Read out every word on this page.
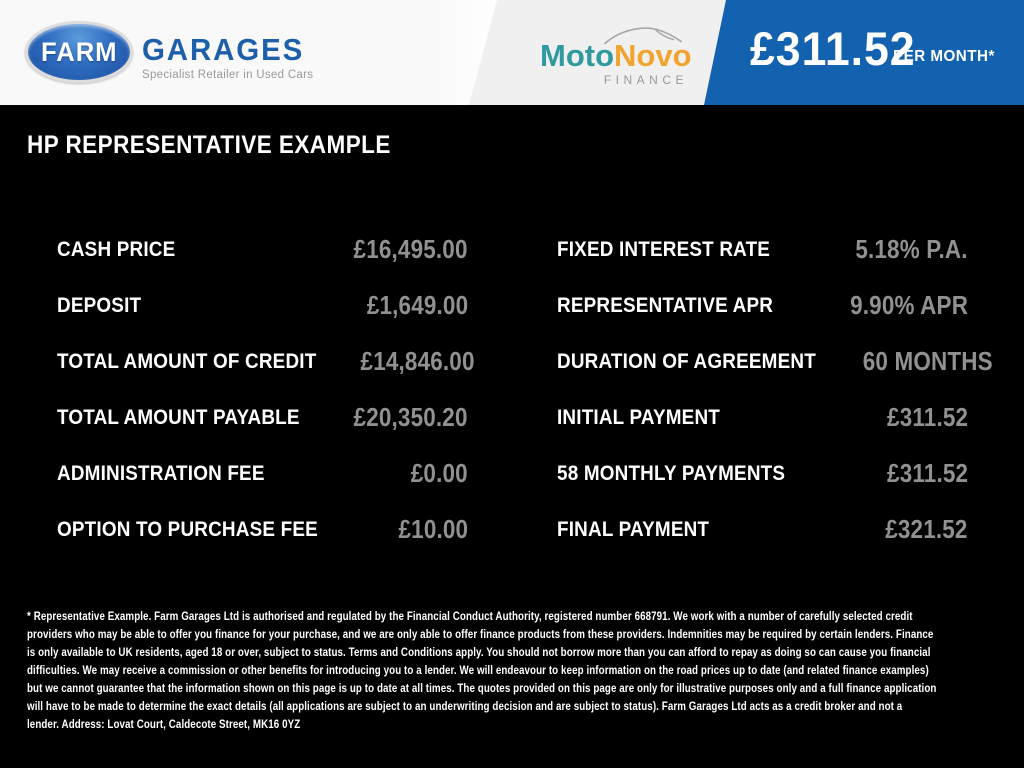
FARM GARAGES
Specialist Retailer in Used Cars
MotoNovo
FINANCE
£311.52
PER MONTH*
HP REPRESENTATIVE EXAMPLE
CASH PRICE	£16,495.00
DEPOSIT	£1,649.00
TOTAL AMOUNT OF CREDIT £14,846.00
TOTAL AMOUNT PAYABLE £20,350.20
ADMINISTRATION FEE	£0.00
OPTION TO PURCHASE FEE	£10.00
FIXED INTEREST RATE	5.18% P.A.
REPRESENTATIVE APR	9.90% APR
DURATION OF AGREEMENT 60 MONTHS
INITIAL PAYMENT	£311.52
58 MONTHLY PAYMENTS	£311.52
FINAL PAYMENT	£321.52
* Representative Example. Farm Garages Ltd is authorised and regulated by the Financial Conduct Authority, registered number 668791. We work with a number of carefully selected credit providers who may be able to offer you finance for your purchase, and we are only able to offer finance products from these providers. Indemnities may be required by certain lenders. Finance is only available to UK residents, aged 18 or over, subject to status. Terms and Conditions apply. You should not borrow more than you can afford to repay as doing so can cause you financial difficulties. We may receive a commission or other benefits for introducing you to a lender. We will endeavour to keep information on the road prices up to date (and related finance examples) but we cannot guarantee that the information shown on this page is up to date at all times. The quotes provided on this page are only for illustrative purposes only and a full finance application will have to be made to determine the exact details (all applications are subject to an underwriting decision and are subject to status). Farm Garages Ltd acts as a credit broker and not a lender. Address: Lovat Court, Caldecote Street, MK16 0YZ
